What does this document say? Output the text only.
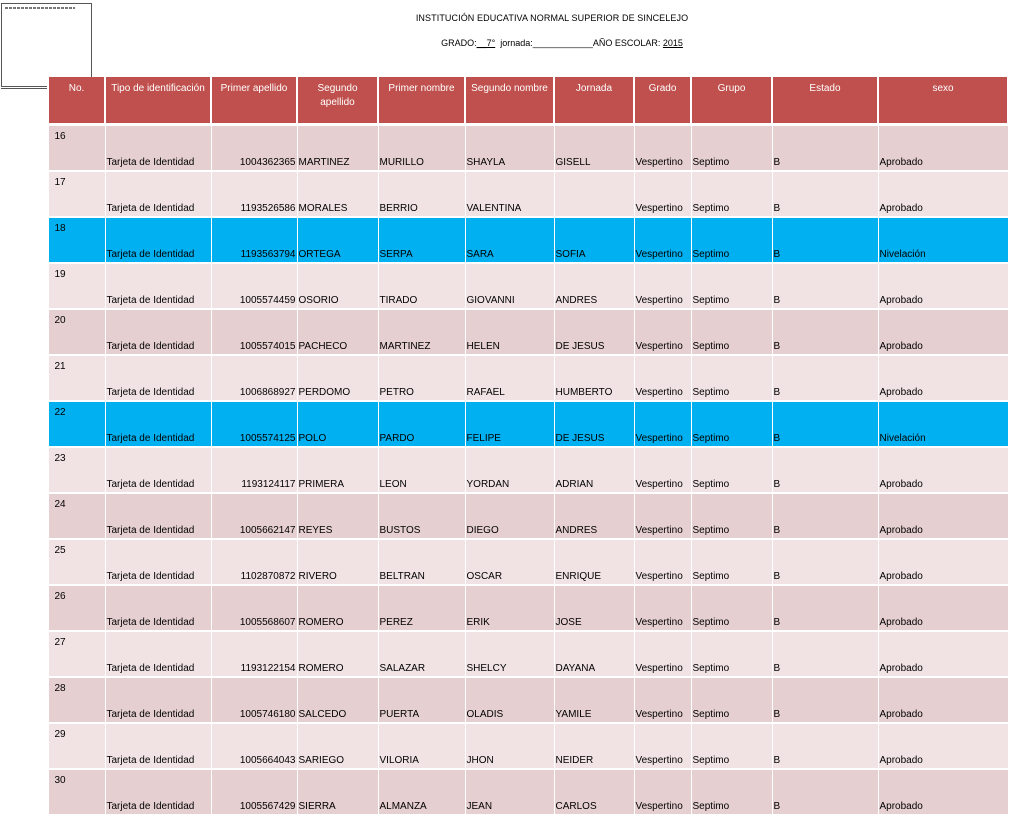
INSTITUCIÓN EDUCATIVA NORMAL SUPERIOR DE SINCELEJO
GRADO:__7° jornada:____________AÑO ESCOLAR: 2015
No.	Tipo de identificación	Primer apellido	Segundo apellido	Primer nombre	Segundo nombre	Jornada	Grado	Grupo	Estado	sexo
16	Tarjeta de Identidad	1004362365	MARTINEZ	MURILLO	SHAYLA	GISELL	Vespertino	Septimo	B	Aprobado
17	Tarjeta de Identidad	1193526586	MORALES	BERRIO	VALENTINA		Vespertino	Septimo	B	Aprobado
18	Tarjeta de Identidad	1193563794	ORTEGA	SERPA	SARA	SOFIA	Vespertino	Septimo	B	Nivelación
19	Tarjeta de Identidad	1005574459	OSORIO	TIRADO	GIOVANNI	ANDRES	Vespertino	Septimo	B	Aprobado
20	Tarjeta de Identidad	1005574015	PACHECO	MARTINEZ	HELEN	DE JESUS	Vespertino	Septimo	B	Aprobado
21	Tarjeta de Identidad	1006868927	PERDOMO	PETRO	RAFAEL	HUMBERTO	Vespertino	Septimo	B	Aprobado
22	Tarjeta de Identidad	1005574125	POLO	PARDO	FELIPE	DE JESUS	Vespertino	Septimo	B	Nivelación
23	Tarjeta de Identidad	1193124117	PRIMERA	LEON	YORDAN	ADRIAN	Vespertino	Septimo	B	Aprobado
24	Tarjeta de Identidad	1005662147	REYES	BUSTOS	DIEGO	ANDRES	Vespertino	Septimo	B	Aprobado
25	Tarjeta de Identidad	1102870872	RIVERO	BELTRAN	OSCAR	ENRIQUE	Vespertino	Septimo	B	Aprobado
26	Tarjeta de Identidad	1005568607	ROMERO	PEREZ	ERIK	JOSE	Vespertino	Septimo	B	Aprobado
27	Tarjeta de Identidad	1193122154	ROMERO	SALAZAR	SHELCY	DAYANA	Vespertino	Septimo	B	Aprobado
28	Tarjeta de Identidad	1005746180	SALCEDO	PUERTA	OLADIS	YAMILE	Vespertino	Septimo	B	Aprobado
29	Tarjeta de Identidad	1005664043	SARIEGO	VILORIA	JHON	NEIDER	Vespertino	Septimo	B	Aprobado
30	Tarjeta de Identidad	1005567429	SIERRA	ALMANZA	JEAN	CARLOS	Vespertino	Septimo	B	Aprobado
